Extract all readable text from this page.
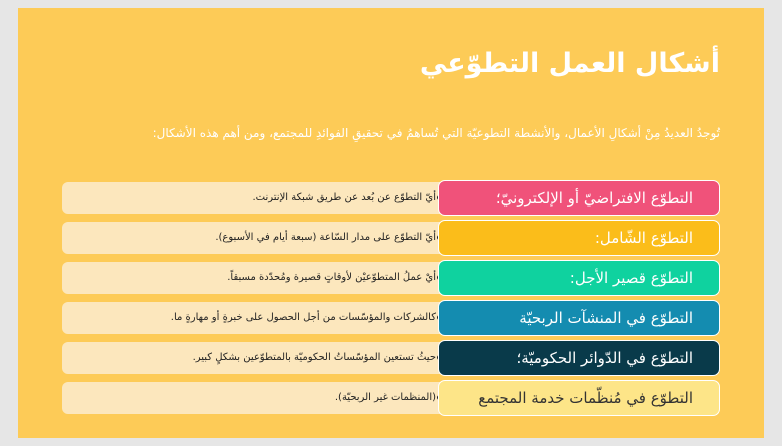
أشكال العمل التطوّعي
تُوجدُ العديدُ مِنْ أشكالِ الأعمال، والأنشطة التطوعيّة التي تُساهمُ في تحقيقِ الفوائدِ للمجتمع، ومن أهم هذه الأشكال:
أيّ التطوّع عن بُعد عن طريق شبكة الإنترنت.	التطوّع الافتراضيّ أو الإلكترونيّ؛
أيّ التطوّع على مدار السّاعة (سبعة أيام في الأسبوع).	التطوّع الشّامل:
أيْ عملُ المتطوّعيْن لأوقاتٍ قصيرة ومُحدّدة مسبقاً.	التطوّع قصير الأجل:
كالشركات والمؤسّسات من أجل الحصول على خبرةٍ أو مهارةٍ ما.	التطوّع في المنشآت الربحيّة
حيثُ تستعين المؤسّساتُ الحكوميّة بالمتطوّعين بشكلٍ كبير.	التطوّع في الدّوائر الحكوميّة؛
(المنظمات غير الربحيّة).	التطوّع في مُنظّمات خدمة المجتمع
